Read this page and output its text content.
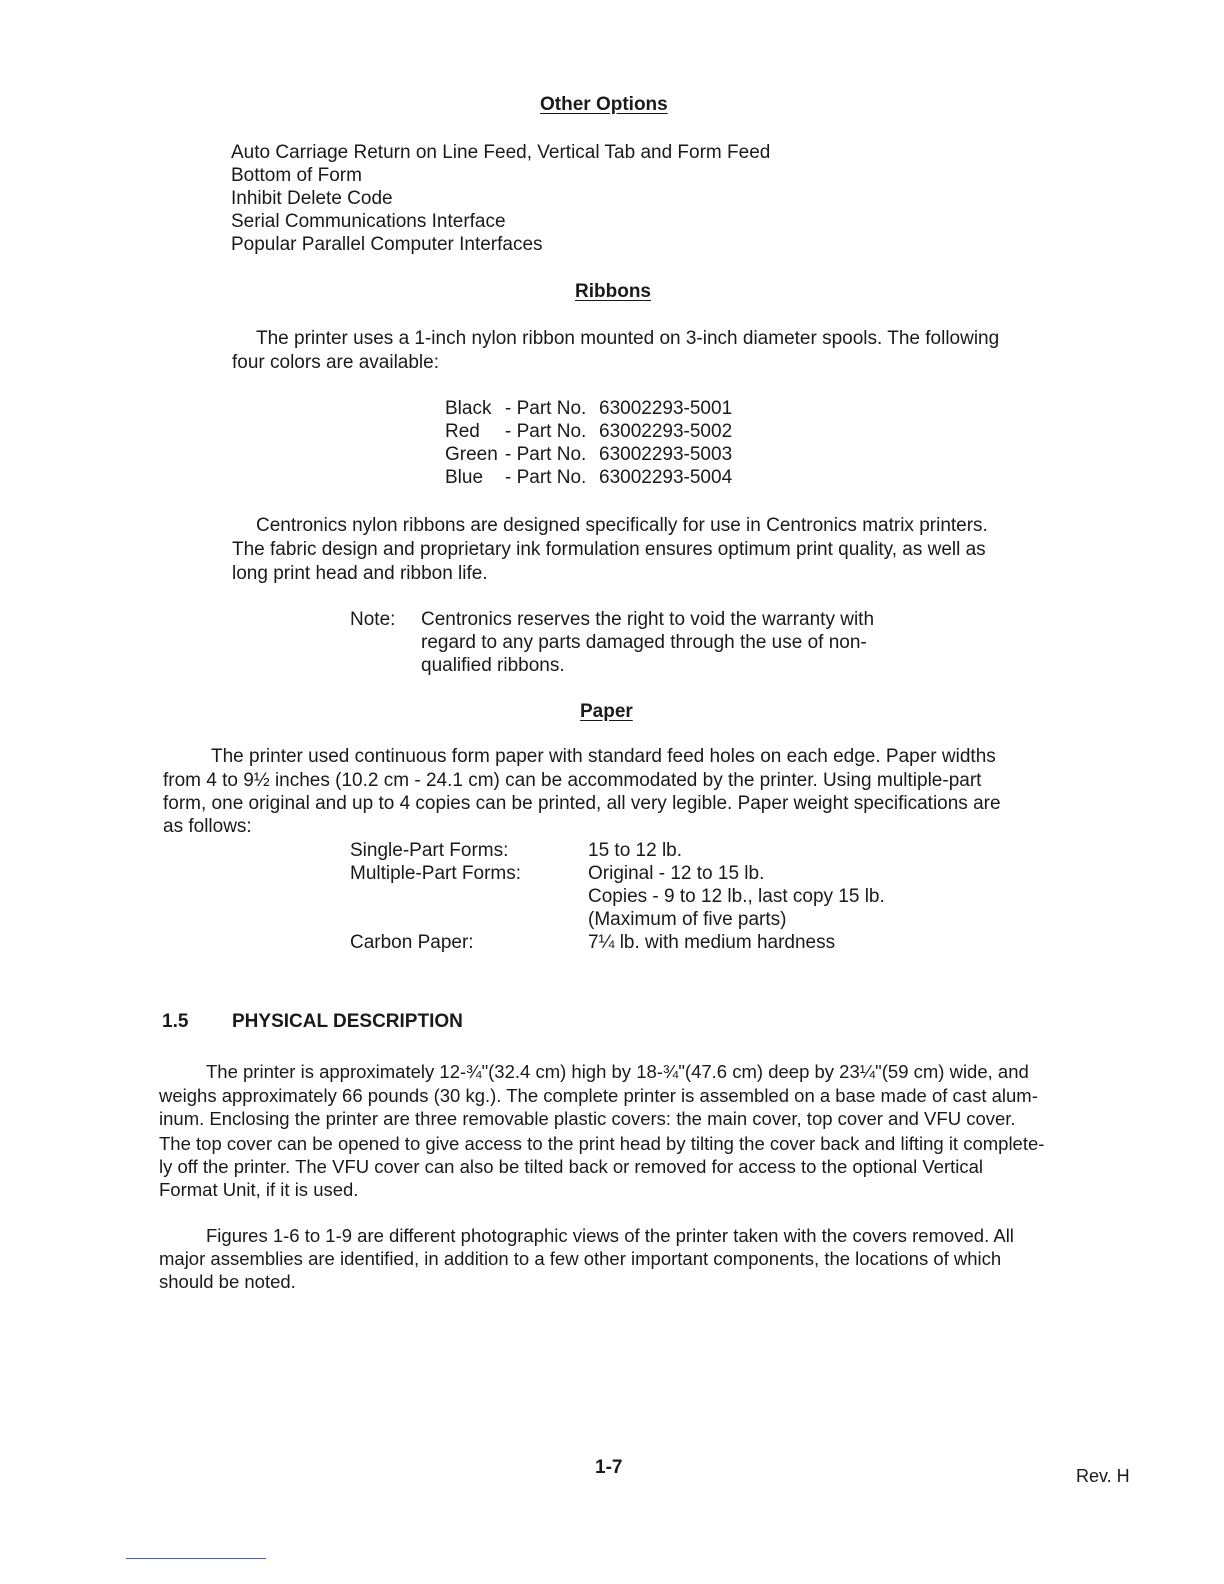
Other Options
Auto Carriage Return on Line Feed, Vertical Tab and Form Feed
Bottom of Form
Inhibit Delete Code
Serial Communications Interface
Popular Parallel Computer Interfaces
Ribbons
The printer uses a 1-inch nylon ribbon mounted on 3-inch diameter spools. The following
four colors are available:
Black - Part No. 63002293-5001
Red	- Part No. 63002293-5002
Green - Part No. 63002293-5003
Blue	- Part No. 63002293-5004
Centronics nylon ribbons are designed specifically for use in Centronics matrix printers.
The fabric design and proprietary ink formulation ensures optimum print quality, as well as
long print head and ribbon life.
Note: Centronics reserves the right to void the warranty with
regard to any parts damaged through the use of non-
qualified ribbons.
Paper
The printer used continuous form paper with standard feed holes on each edge. Paper widths
from 4 to 9½ inches (10.2 cm - 24.1 cm) can be accommodated by the printer. Using multiple-part
form, one original and up to 4 copies can be printed, all very legible. Paper weight specifications are
as follows:
Single-Part Forms:	15 to 12 lb.
Multiple-Part Forms:	Original - 12 to 15 lb.
Copies - 9 to 12 lb., last copy 15 lb.
(Maximum of five parts)
Carbon Paper:	7¼ lb. with medium hardness
1.5 PHYSICAL DESCRIPTION
The printer is approximately 12-¾"(32.4 cm) high by 18-¾"(47.6 cm) deep by 23¼"(59 cm) wide, and
weighs approximately 66 pounds (30 kg.). The complete printer is assembled on a base made of cast alum-
inum. Enclosing the printer are three removable plastic covers: the main cover, top cover and VFU cover.
The top cover can be opened to give access to the print head by tilting the cover back and lifting it complete-
ly off the printer. The VFU cover can also be tilted back or removed for access to the optional Vertical
Format Unit, if it is used.
Figures 1-6 to 1-9 are different photographic views of the printer taken with the covers removed. All
major assemblies are identified, in addition to a few other important components, the locations of which
should be noted.
1-7	Rev. H
